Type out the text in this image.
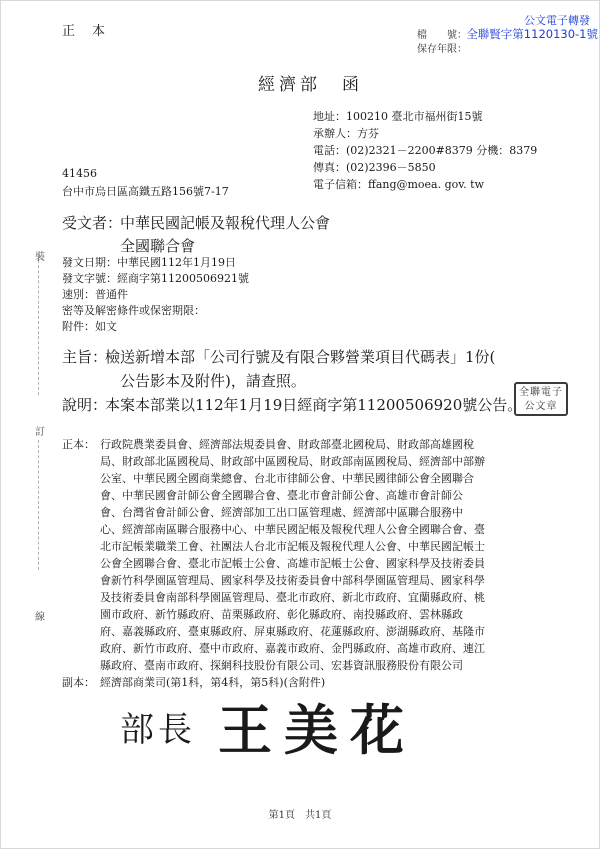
正　本	檔　　號：
保存年限：
公文電子轉發
全聯賢字第1120130-1號
經濟部　函
地址：100210 臺北市福州街15號
承辦人：方芬
電話：(02)2321－2200#8379 分機：8379
傳真：(02)2396－5850
電子信箱：ffang@moea. gov. tw
41456
台中市烏日區高鐵五路156號7-17
受文者：
中華民國記帳及報稅代理人公會
全國聯合會
發文日期：中華民國112年1月19日
發文字號：經商字第11200506921號
速別：普通件
密等及解密條件或保密期限：
附件：如文
主旨：
檢送新增本部「公司行號及有限合夥營業項目代碼表」1份(
公告影本及附件)，請查照。
說明：
本案本部業以112年1月19日經商字第11200506920號公告。
全聯電子公文章
裝
訂
線
正本： 行政院農業委員會、經濟部法規委員會、財政部臺北國稅局、財政部高雄國稅
局、財政部北區國稅局、財政部中區國稅局、財政部南區國稅局、經濟部中部辦
公室、中華民國全國商業總會、台北市律師公會、中華民國律師公會全國聯合
會、中華民國會計師公會全國聯合會、臺北市會計師公會、高雄市會計師公
會、台灣省會計師公會、經濟部加工出口區管理處、經濟部中區聯合服務中
心、經濟部南區聯合服務中心、中華民國記帳及報稅代理人公會全國聯合會、臺
北市記帳業職業工會、社團法人台北市記帳及報稅代理人公會、中華民國記帳士
公會全國聯合會、臺北市記帳士公會、高雄市記帳士公會、國家科學及技術委員
會新竹科學園區管理局、國家科學及技術委員會中部科學園區管理局、國家科學
及技術委員會南部科學園區管理局、臺北市政府、新北市政府、宜蘭縣政府、桃
園市政府、新竹縣政府、苗栗縣政府、彰化縣政府、南投縣政府、雲林縣政
府、嘉義縣政府、臺東縣政府、屏東縣政府、花蓮縣政府、澎湖縣政府、基隆市
政府、新竹市政府、臺中市政府、嘉義市政府、金門縣政府、高雄市政府、連江
縣政府、臺南市政府、探網科技股份有限公司、宏碁資訊服務股份有限公司
副本： 經濟部商業司(第1科，第4科，第5科)(含附件)
部長 王美花
第1頁　共1頁
